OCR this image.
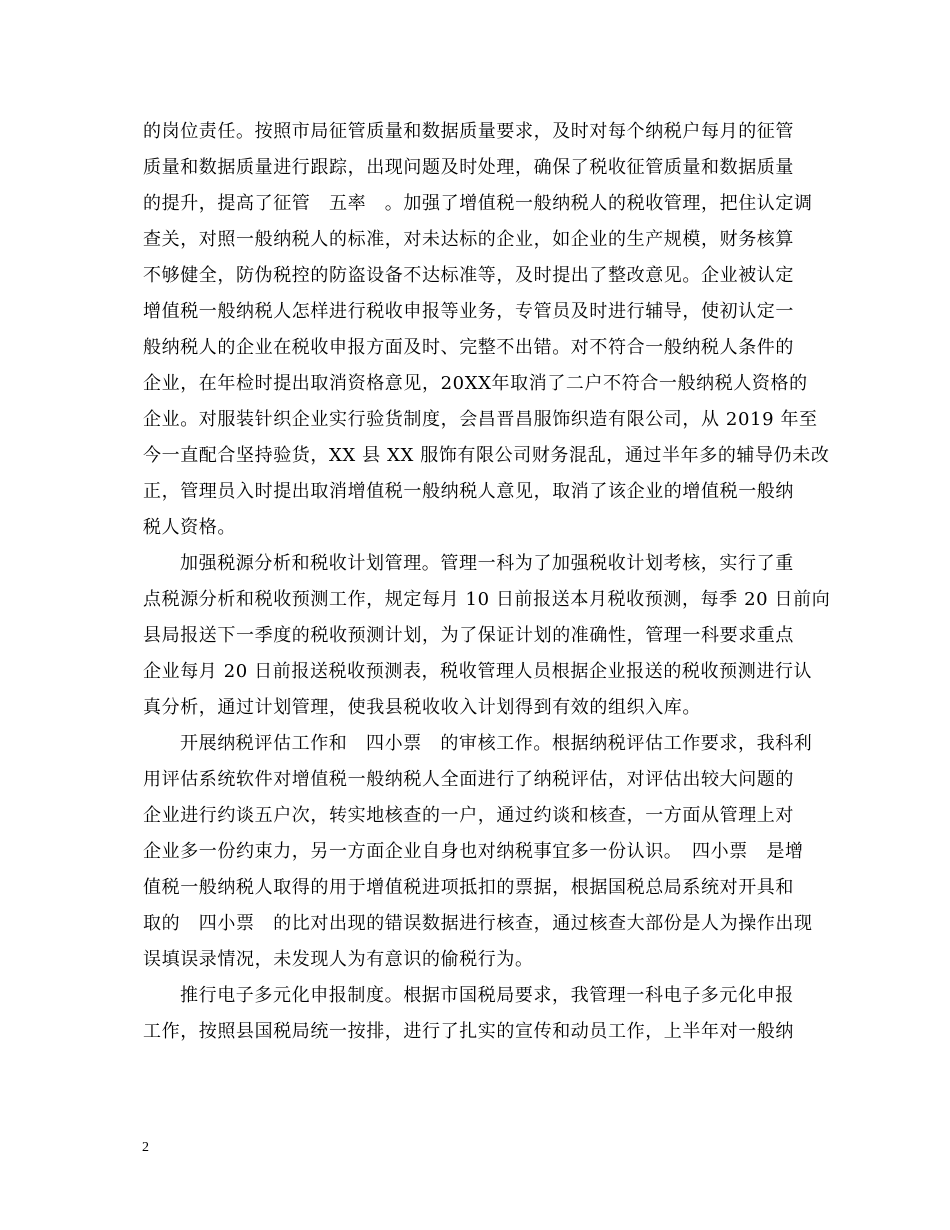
的岗位责任。按照市局征管质量和数据质量要求，及时对每个纳税户每月的征管
质量和数据质量进行跟踪，出现问题及时处理，确保了税收征管质量和数据质量
的提升，提高了征管　五率　。加强了增值税一般纳税人的税收管理，把住认定调
查关，对照一般纳税人的标准，对未达标的企业，如企业的生产规模，财务核算
不够健全，防伪税控的防盗设备不达标准等，及时提出了整改意见。企业被认定
增值税一般纳税人怎样进行税收申报等业务，专管员及时进行辅导，使初认定一
般纳税人的企业在税收申报方面及时、完整不出错。对不符合一般纳税人条件的
企业，在年检时提出取消资格意见，20XX年取消了二户不符合一般纳税人资格的
企业。对服装针织企业实行验货制度，会昌晋昌服饰织造有限公司，从 2019 年至
今一直配合坚持验货，XX 县 XX 服饰有限公司财务混乱，通过半年多的辅导仍未改
正，管理员入时提出取消增值税一般纳税人意见，取消了该企业的增值税一般纳
税人资格。
加强税源分析和税收计划管理。管理一科为了加强税收计划考核，实行了重
点税源分析和税收预测工作，规定每月 10 日前报送本月税收预测，每季 20 日前向
县局报送下一季度的税收预测计划，为了保证计划的准确性，管理一科要求重点
企业每月 20 日前报送税收预测表，税收管理人员根据企业报送的税收预测进行认
真分析，通过计划管理，使我县税收收入计划得到有效的组织入库。
开展纳税评估工作和　四小票　的审核工作。根据纳税评估工作要求，我科利
用评估系统软件对增值税一般纳税人全面进行了纳税评估，对评估出较大问题的
企业进行约谈五户次，转实地核查的一户，通过约谈和核查，一方面从管理上对
企业多一份约束力，另一方面企业自身也对纳税事宜多一份认识。　四小票　是增
值税一般纳税人取得的用于增值税进项抵扣的票据，根据国税总局系统对开具和
取的　四小票　的比对出现的错误数据进行核查，通过核查大部份是人为操作出现
误填误录情况，未发现人为有意识的偷税行为。
推行电子多元化申报制度。根据市国税局要求，我管理一科电子多元化申报
工作，按照县国税局统一按排，进行了扎实的宣传和动员工作，上半年对一般纳
2
